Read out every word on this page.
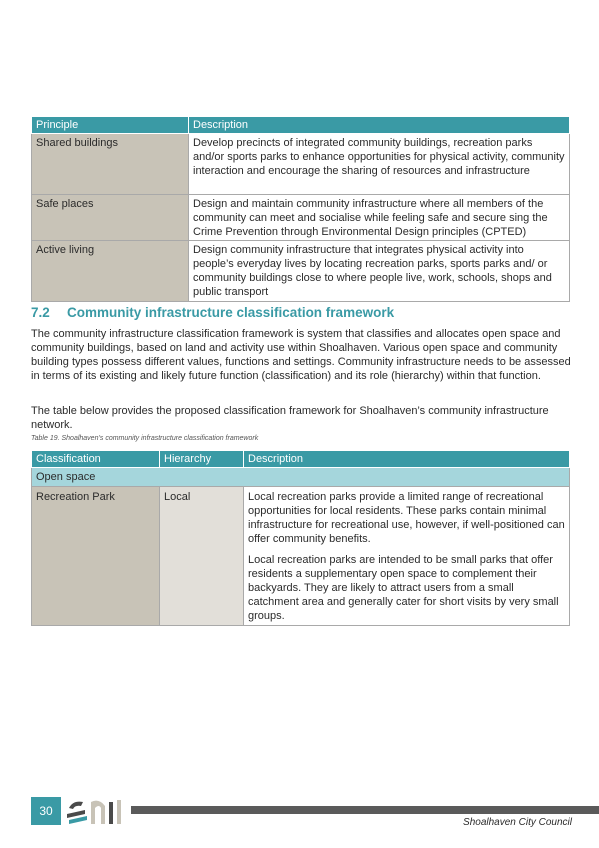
Principle	Description
Shared buildings	Develop precincts of integrated community buildings, recreation parks and/or sports parks to enhance opportunities for physical activity, community interaction and encourage the sharing of resources and infrastructure
Safe places	Design and maintain community infrastructure where all members of the community can meet and socialise while feeling safe and secure sing the Crime Prevention through Environmental Design principles (CPTED)
Active living	Design community infrastructure that integrates physical activity into people’s everyday lives by locating recreation parks, sports parks and/ or community buildings close to where people live, work, schools, shops and public transport
7.2 Community infrastructure classification framework

The community infrastructure classification framework is system that classifies and allocates open space and community buildings, based on land and activity use within Shoalhaven. Various open space and community building types possess different values, functions and settings. Community infrastructure needs to be assessed in terms of its existing and likely future function (classification) and its role (hierarchy) within that function.

The table below provides the proposed classification framework for Shoalhaven’s community infrastructure network.

Table 19. Shoalhaven’s community infrastructure classification framework
Classification	Hierarchy	Description
Open space		
Recreation Park	Local	Local recreation parks provide a limited range of recreational opportunities for local residents. These parks contain minimal infrastructure for recreational use, however, if well-positioned can offer community benefits.

Local recreation parks are intended to be small parks that offer residents a supplementary open space to complement their backyards. They are likely to attract users from a small catchment area and generally cater for short visits by very small groups.

30
Shoalhaven City Council
